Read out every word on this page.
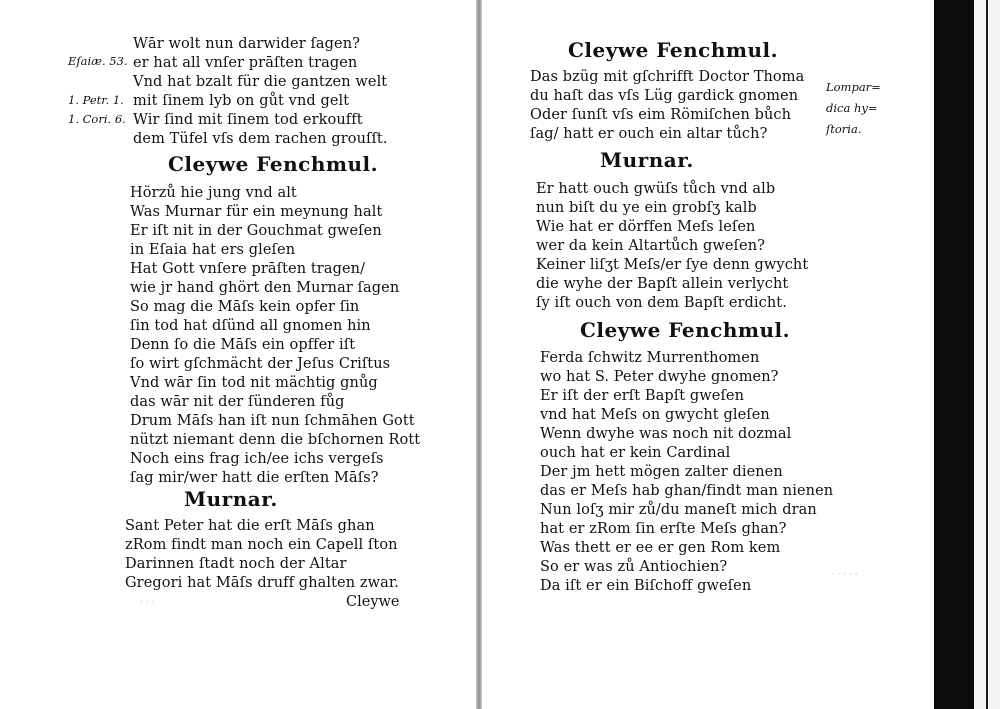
Wār wolt nun darwider ſagen?
Eſaiæ. 53. er hat all vnſer prāſten tragen
Vnd hat bzalt für die gantzen welt
1. Petr. 1. mit ſinem lyb on gůt vnd gelt
1. Cori. 6. Wir ſind mit ſinem tod erkoufft
dem Tüfel vſs dem rachen grouſſt.
Cleywe Fenchmul.
Hörzů hie jung vnd alt
Was Murnar für ein meynung halt
Er iſt nit in der Gouchmat gweſen
in Eſaia hat ers gleſen
Hat Gott vnſere prāſten tragen/
wie jr hand ghört den Murnar ſagen
So mag die Māſs kein opfer ſin
ſin tod hat dſünd all gnomen hin
Denn ſo die Māſs ein opffer iſt
ſo wirt gſchmächt der Jeſus Criſtus
Vnd wār ſin tod nit mächtig gnůg
das wār nit der ſünderen fůg
Drum Māſs han iſt nun ſchmāhen Gott
nützt niemant denn die bſchornen Rott
Noch eins frag ich/ee ichs vergeſs
ſag mir/wer hatt die erſten Māſs?
Murnar.
Sant Peter hat die erſt Māſs ghan
zRom findt man noch ein Capell ſton
Darinnen ſtadt noch der Altar
Gregori hat Māſs druff ghalten zwar.
Cleywe
· · ·
Cleywe Fenchmul.
Das bzüg mit gſchrifft Doctor Thoma
du haſt das vſs Lüg gardick gnomen
Oder ſunſt vſs eim Römiſchen bůch
ſag/ hatt er ouch ein altar tůch?
Lompar=
dica hy=
ſtoria.
Murnar.
Er hatt ouch gwüſs tůch vnd alb
nun biſt du ye ein grobſʒ kalb
Wie hat er dörffen Meſs leſen
wer da kein Altartůch gweſen?
Keiner liſʒt Meſs/er ſye denn gwycht
die wyhe der Bapſt allein verlycht
ſy iſt ouch von dem Bapſt erdicht.
Cleywe Fenchmul.
Ferda ſchwitz Murrenthomen
wo hat S. Peter dwyhe gnomen?
Er iſt der erſt Bapſt gweſen
vnd hat Meſs on gwycht gleſen
Wenn dwyhe was noch nit dozmal
ouch hat er kein Cardinal
Der jm hett mögen zalter dienen
das er Meſs hab ghan/findt man nienen
Nun loſʒ mir zů/du maneſt mich dran
hat er zRom ſin erſte Meſs ghan?
Was thett er ee er gen Rom kem
So er was zů Antiochien?
Da iſt er ein Biſchoff gweſen
· · · · ·
